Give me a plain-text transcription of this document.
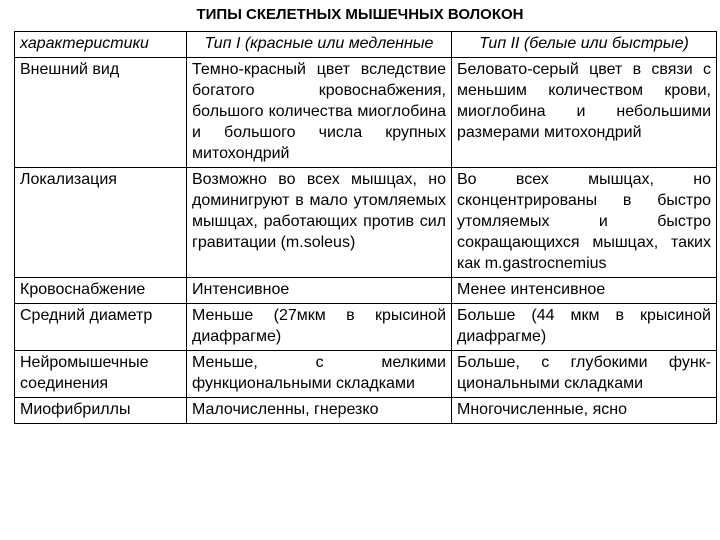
ТИПЫ СКЕЛЕТНЫХ МЫШЕЧНЫХ ВОЛОКОН
характеристики	Тип I (красные или медленные	Тип II (белые или быстрые)
Внешний вид	Темно-красный цвет вследствие богатого кровоснабжения, большого количества миоглобина и большого числа крупных митохондрий	Беловато-серый цвет в связи с меньшим количеством крови, миоглобина и небольшими размерами митохондрий
Локализация	Возможно во всех мышцах, но доминигруют в мало утомляемых мышцах, работающих против сил гравитации (m.soleus)	Во всех мышцах, но сконцентрированы в быстро утомляемых и быстро сокращающихся мышцах, таких как m.gastrocnemius
Кровоснабжение	Интенсивное	Менее интенсивное
Средний диаметр	Меньше (27мкм в крысиной диафрагме)	Больше (44 мкм в крысиной диафрагме)
Нейромышечные соединения	Меньше, с мелкими функциональными складками	Больше, с глубокими функ-циональными складками
Миофибриллы	Малочисленны, гнерезко	Многочисленные, ясно
